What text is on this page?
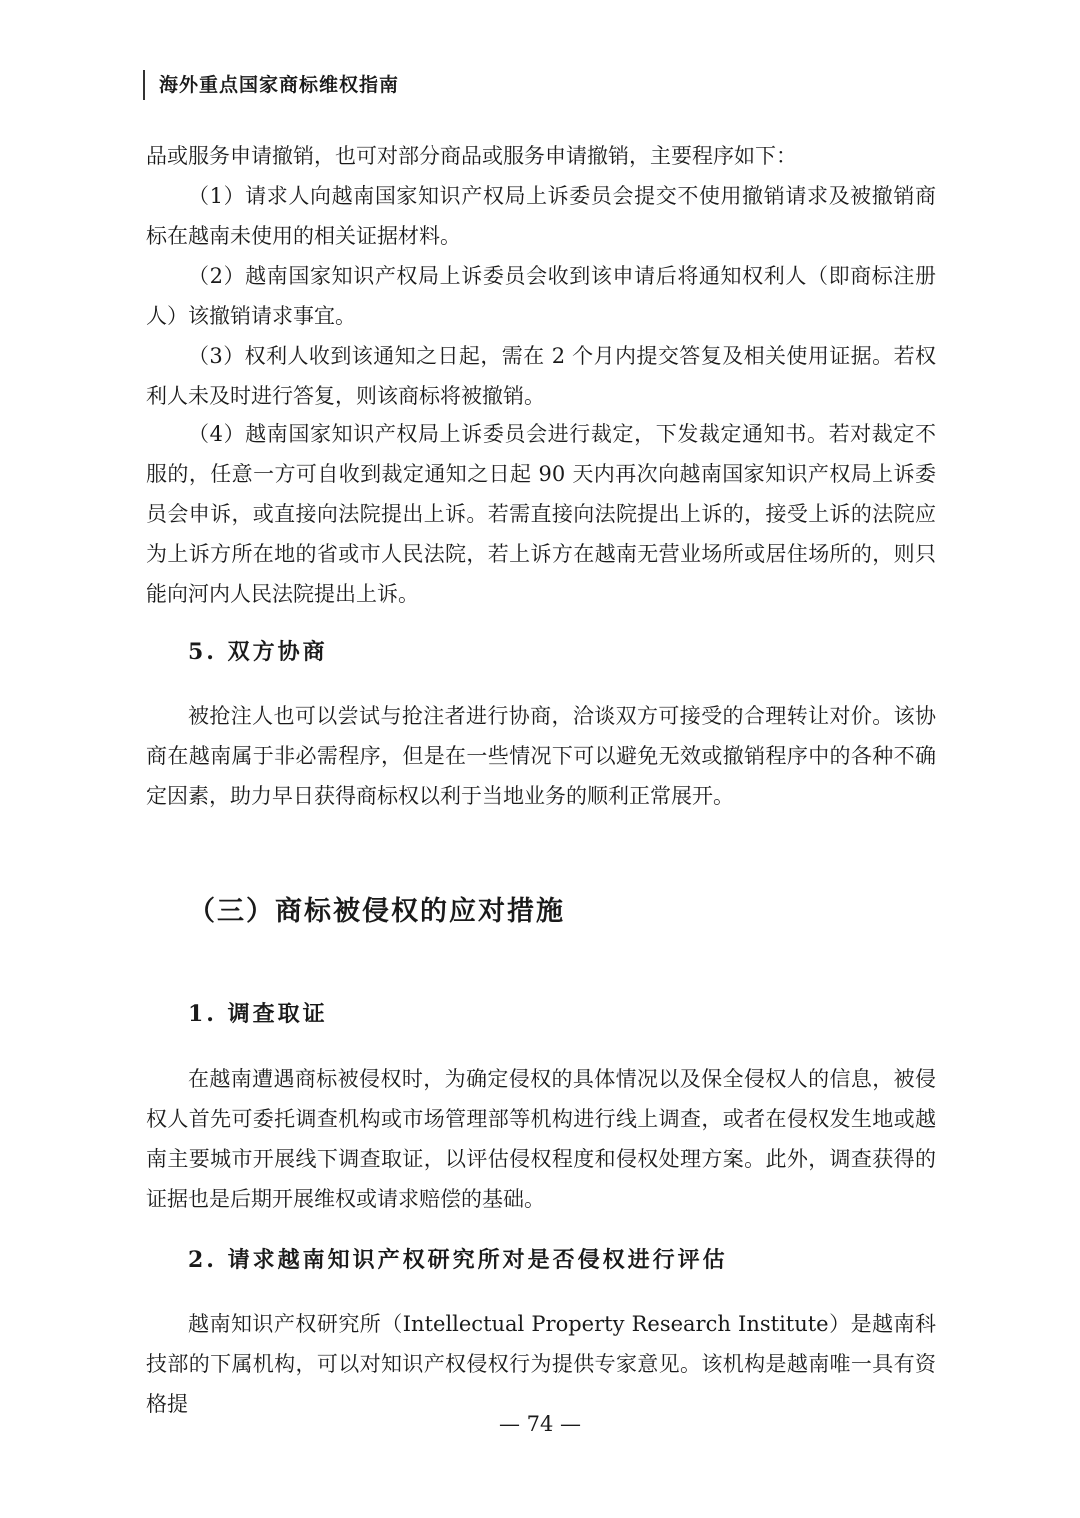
海外重点国家商标维权指南

品或服务申请撤销，也可对部分商品或服务申请撤销，主要程序如下：

（1）请求人向越南国家知识产权局上诉委员会提交不使用撤销请求及被撤销商标在越南未使用的相关证据材料。

（2）越南国家知识产权局上诉委员会收到该申请后将通知权利人（即商标注册人）该撤销请求事宜。

（3）权利人收到该通知之日起，需在 2 个月内提交答复及相关使用证据。若权利人未及时进行答复，则该商标将被撤销。

（4）越南国家知识产权局上诉委员会进行裁定，下发裁定通知书。若对裁定不服的，任意一方可自收到裁定通知之日起 90 天内再次向越南国家知识产权局上诉委员会申诉，或直接向法院提出上诉。若需直接向法院提出上诉的，接受上诉的法院应为上诉方所在地的省或市人民法院，若上诉方在越南无营业场所或居住场所的，则只能向河内人民法院提出上诉。

5. 双方协商

被抢注人也可以尝试与抢注者进行协商，洽谈双方可接受的合理转让对价。该协商在越南属于非必需程序，但是在一些情况下可以避免无效或撤销程序中的各种不确定因素，助力早日获得商标权以利于当地业务的顺利正常展开。

（三）商标被侵权的应对措施
1. 调查取证

在越南遭遇商标被侵权时，为确定侵权的具体情况以及保全侵权人的信息，被侵权人首先可委托调查机构或市场管理部等机构进行线上调查，或者在侵权发生地或越南主要城市开展线下调查取证，以评估侵权程度和侵权处理方案。此外，调查获得的证据也是后期开展维权或请求赔偿的基础。

2. 请求越南知识产权研究所对是否侵权进行评估

越南知识产权研究所（Intellectual Property Research Institute）是越南科技部的下属机构，可以对知识产权侵权行为提供专家意见。该机构是越南唯一具有资格提

— 74 —
